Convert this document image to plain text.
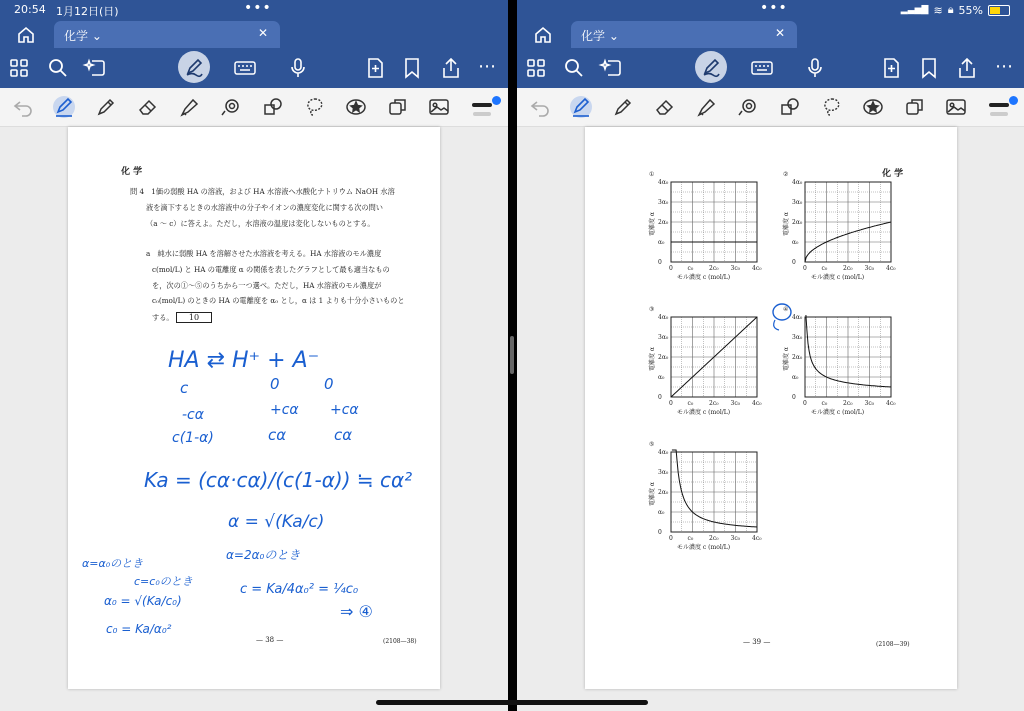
20:54 1月12日(日)	•••
化学 ⌄	✕
⋯
化 学
問 4　1価の弱酸 HA の溶液，および HA 水溶液へ水酸化ナトリウム NaOH 水溶
液を滴下するときの水溶液中の分子やイオンの濃度変化に関する次の問い
（a ～ c）に答えよ。ただし，水溶液の温度は変化しないものとする。
a　純水に弱酸 HA を溶解させた水溶液を考える。HA 水溶液のモル濃度
c(mol/L) と HA の電離度 α の関係を表したグラフとして最も適当なもの
を，次の①～⑤のうちから一つ選べ。ただし，HA 水溶液のモル濃度が
c₀(mol/L) のときの HA の電離度を α₀ とし，α は 1 よりも十分小さいものと
する。 10
HA ⇄ H⁺ + A⁻
c	0	0
-cα	+cα +cα
c(1-α)	cα	cα
Ka = (cα·cα)/(c(1-α)) ≒ cα²
α = √(Ka/c)
α=α₀のとき
c=c₀のとき
α₀ = √(Ka/c₀)
c₀ = Ka/α₀²
α=2α₀のとき
c = Ka/4α₀² = ¼c₀
⇒ ④
— 38 —	(2108—38)
•••	▂▃▅▇ ≋ 🔒︎ 55%
化学 ⌄	✕
⋯
化 学
①
4α₀
3α₀
2α₀
α₀
0
0 c₀	2c₀ 3c₀ 4c₀
電離度 α
モル濃度 c (mol/L)
②
4α₀
3α₀
2α₀
α₀
0
0 c₀	2c₀ 3c₀ 4c₀
電離度 α
モル濃度 c (mol/L)
③
4α₀
3α₀
2α₀
α₀
0
0 c₀	2c₀ 3c₀ 4c₀
電離度 α
モル濃度 c (mol/L)
④
4α₀
3α₀
2α₀
α₀
0
0 c₀	2c₀ 3c₀ 4c₀
電離度 α
モル濃度 c (mol/L)
⑤
4α₀
3α₀
2α₀
α₀
0
0 c₀	2c₀ 3c₀ 4c₀
電離度 α
モル濃度 c (mol/L)
— 39 —	(2108—39)
